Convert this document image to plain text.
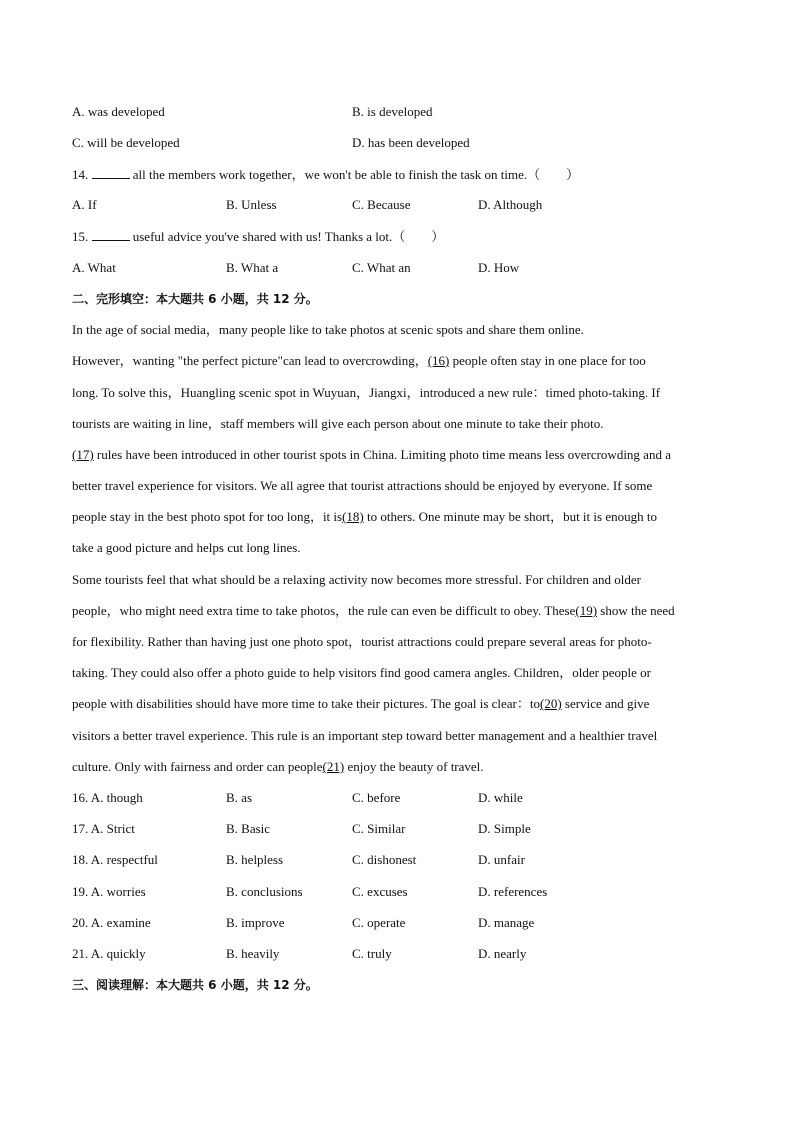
A. was developed	B. is developed
C. will be developed	D. has been developed
14.	all the members work together，we won't be able to finish the task on time.（　　）
A. If	B. Unless	C. Because	D. Although
15.	useful advice you've shared with us! Thanks a lot.（　　）
A. What	B. What a	C. What an	D. How
二、完形填空：本大题共 6 小题，共 12 分。
In the age of social media，many people like to take photos at scenic spots and share them online.
However，wanting "the perfect picture"can lead to overcrowding，(16) people often stay in one place for too
long. To solve this，Huangling scenic spot in Wuyuan，Jiangxi，introduced a new rule：timed photo-taking. If
tourists are waiting in line，staff members will give each person about one minute to take their photo.
(17) rules have been introduced in other tourist spots in China. Limiting photo time means less overcrowding and a
better travel experience for visitors. We all agree that tourist attractions should be enjoyed by everyone. If some
people stay in the best photo spot for too long，it is(18) to others. One minute may be short，but it is enough to
take a good picture and helps cut long lines.
Some tourists feel that what should be a relaxing activity now becomes more stressful. For children and older
people，who might need extra time to take photos，the rule can even be difficult to obey. These(19) show the need
for flexibility. Rather than having just one photo spot，tourist attractions could prepare several areas for photo-
taking. They could also offer a photo guide to help visitors find good camera angles. Children，older people or
people with disabilities should have more time to take their pictures. The goal is clear：to(20) service and give
visitors a better travel experience. This rule is an important step toward better management and a healthier travel
culture. Only with fairness and order can people(21) enjoy the beauty of travel.
16. A. though	B. as	C. before	D. while
17. A. Strict	B. Basic	C. Similar	D. Simple
18. A. respectful	B. helpless	C. dishonest	D. unfair
19. A. worries	B. conclusions	C. excuses	D. references
20. A. examine	B. improve	C. operate	D. manage
21. A. quickly	B. heavily	C. truly	D. nearly
三、阅读理解：本大题共 6 小题，共 12 分。
